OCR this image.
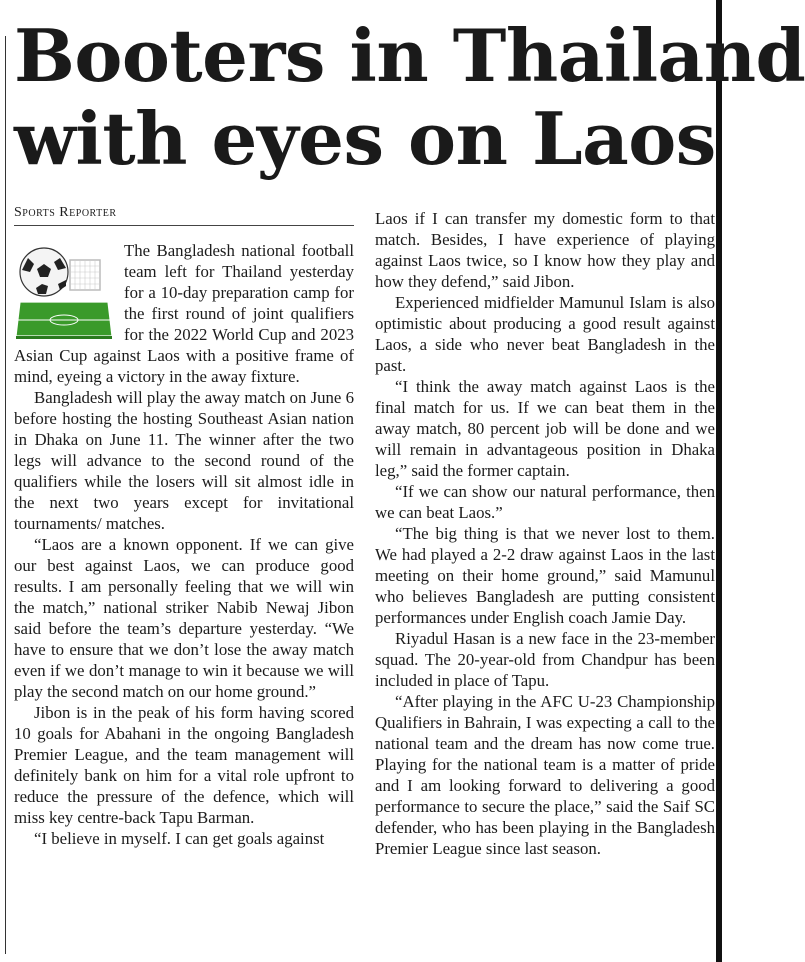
Booters in Thailand
with eyes on Laos
Sports Reporter

The Bangladesh national football team left for Thailand yesterday for a 10-day preparation camp for the first round of joint qualifiers for the 2022 World Cup and 2023 Asian Cup against Laos with a positive frame of mind, eyeing a victory in the away fixture.

Bangladesh will play the away match on June 6 before hosting the hosting Southeast Asian nation in Dhaka on June 11. The winner after the two legs will advance to the second round of the qualifiers while the losers will sit almost idle in the next two years except for invitational tournaments/ matches.

“Laos are a known opponent. If we can give our best against Laos, we can produce good results. I am personally feeling that we will win the match,” national striker Nabib Newaj Jibon said before the team’s departure yesterday. “We have to ensure that we don’t lose the away match even if we don’t manage to win it because we will play the second match on our home ground.”

Jibon is in the peak of his form having scored 10 goals for Abahani in the ongoing Bangladesh Premier League, and the team management will definitely bank on him for a vital role upfront to reduce the pressure of the defence, which will miss key centre-back Tapu Barman.

“I believe in myself. I can get goals against

Laos if I can transfer my domestic form to that match. Besides, I have experience of playing against Laos twice, so I know how they play and how they defend,” said Jibon.

Experienced midfielder Mamunul Islam is also optimistic about producing a good result against Laos, a side who never beat Bangladesh in the past.

“I think the away match against Laos is the final match for us. If we can beat them in the away match, 80 percent job will be done and we will remain in advantageous position in Dhaka leg,” said the former captain.

“If we can show our natural performance, then we can beat Laos.”

“The big thing is that we never lost to them. We had played a 2-2 draw against Laos in the last meeting on their home ground,” said Mamunul who believes Bangladesh are putting consistent performances under English coach Jamie Day.

Riyadul Hasan is a new face in the 23-member squad. The 20-year-old from Chandpur has been included in place of Tapu.

“After playing in the AFC U-23 Championship Qualifiers in Bahrain, I was expecting a call to the national team and the dream has now come true. Playing for the national team is a matter of pride and I am looking forward to delivering a good performance to secure the place,” said the Saif SC defender, who has been playing in the Bangladesh Premier League since last season.
